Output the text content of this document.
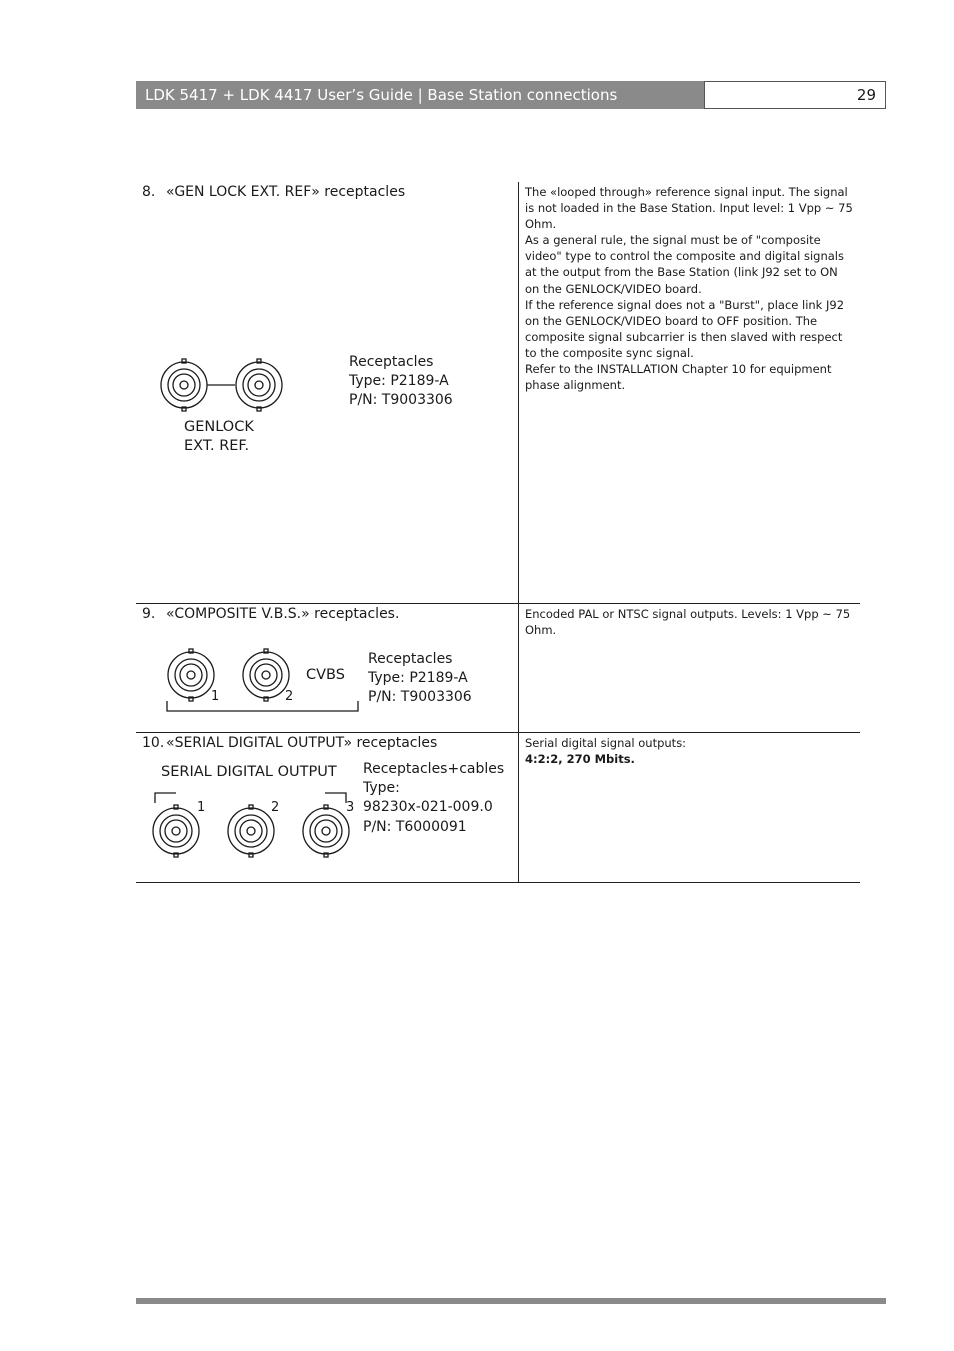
LDK 5417 + LDK 4417 User’s Guide | Base Station connections	29
8. «GEN LOCK EXT. REF» receptacles
GENLOCK
EXT. REF.
Receptacles
Type: P2189-A
P/N: T9003306

The «looped through» reference signal input. The signal is not loaded in the Base Station. Input level: 1 Vpp ~ 75 Ohm.

As a general rule, the signal must be of "composite video" type to control the composite and digital signals at the output from the Base Station (link J92 set to ON on the GENLOCK/VIDEO board.

If the reference signal does not a "Burst", place link J92 on the GENLOCK/VIDEO board to OFF position. The composite signal subcarrier is then slaved with respect to the composite sync signal.

Refer to the INSTALLATION Chapter 10 for equipment phase alignment.

9. «COMPOSITE V.B.S.» receptacles.
1	2
CVBS
Receptacles
Type: P2189-A
P/N: T9003306

Encoded PAL or NTSC signal outputs. Levels: 1 Vpp ~ 75 Ohm.

10. «SERIAL DIGITAL OUTPUT» receptacles
SERIAL DIGITAL OUTPUT
1	2	3
Receptacles+cables
Type:
98230x-021-009.0
P/N: T6000091

Serial digital signal outputs:

4:2:2, 270 Mbits.
